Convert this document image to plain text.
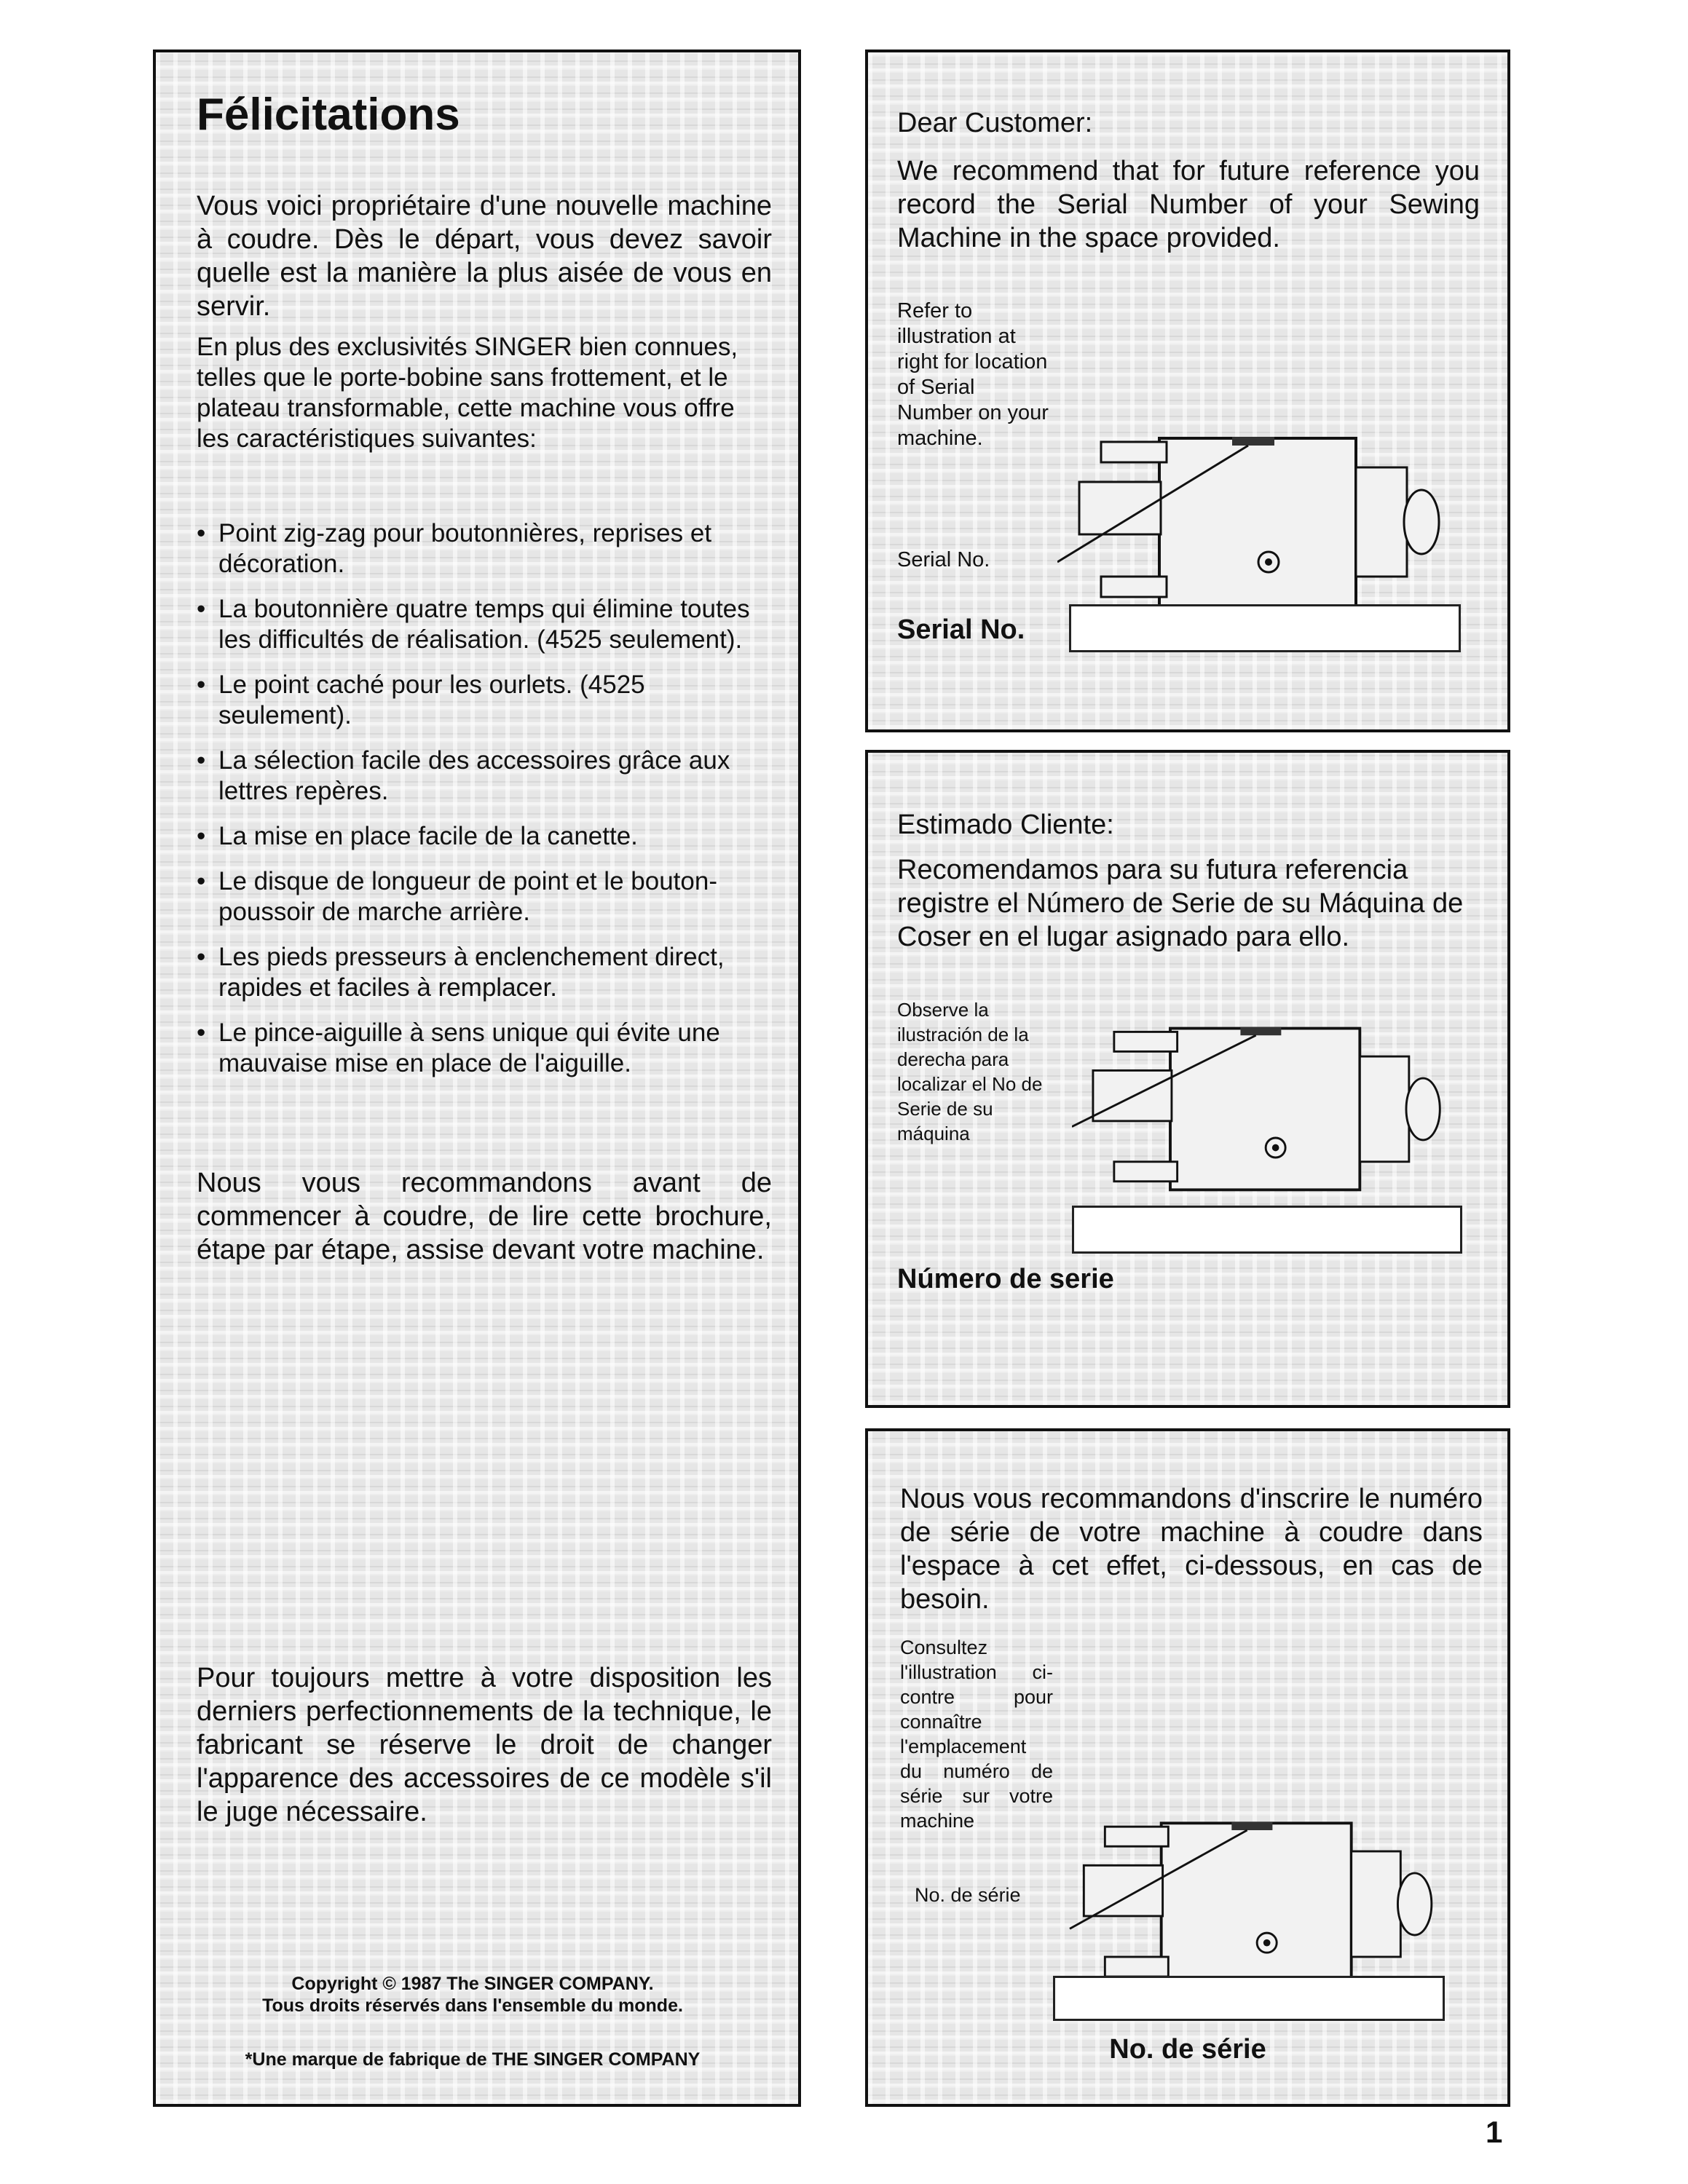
Félicitations

Vous voici propriétaire d'une nouvelle machine à coudre. Dès le départ, vous devez savoir quelle est la manière la plus aisée de vous en servir.

En plus des exclusivités SINGER bien connues, telles que le porte-bobine sans frottement, et le plateau transformable, cette machine vous offre les caractéristiques suivantes:

• Point zig-zag pour boutonnières, reprises et décoration.
• La boutonnière quatre temps qui élimine toutes les difficultés de réalisation. (4525 seulement).
• Le point caché pour les ourlets. (4525 seulement).
• La sélection facile des accessoires grâce aux lettres repères.
• La mise en place facile de la canette.
• Le disque de longueur de point et le bouton-poussoir de marche arrière.
• Les pieds presseurs à enclenchement direct, rapides et faciles à remplacer.
• Le pince-aiguille à sens unique qui évite une mauvaise mise en place de l'aiguille.

Nous vous recommandons avant de commencer à coudre, de lire cette brochure, étape par étape, assise devant votre machine.

Pour toujours mettre à votre disposition les derniers perfectionnements de la technique, le fabricant se réserve le droit de changer l'apparence des accessoires de ce modèle s'il le juge nécessaire.

Copyright © 1987 The SINGER COMPANY.
Tous droits réservés dans l'ensemble du monde.
*Une marque de fabrique de THE SINGER COMPANY

Dear Customer:

We recommend that for future reference you record the Serial Number of your Sewing Machine in the space provided.

Refer to illustration at right for location of Serial Number on your machine.

Serial No.

Serial No.

Estimado Cliente:

Recomendamos para su futura referencia registre el Número de Serie de su Máquina de Coser en el lugar asignado para ello.

Observe la ilustración de la derecha para localizar el No de Serie de su máquina

Número de serie

Nous vous recommandons d'inscrire le numéro de série de votre machine à coudre dans l'espace à cet effet, ci-dessous, en cas de besoin.

Consultez l'illustration ci-contre pour connaître l'emplacement du numéro de série sur votre machine

No. de série

No. de série

1
